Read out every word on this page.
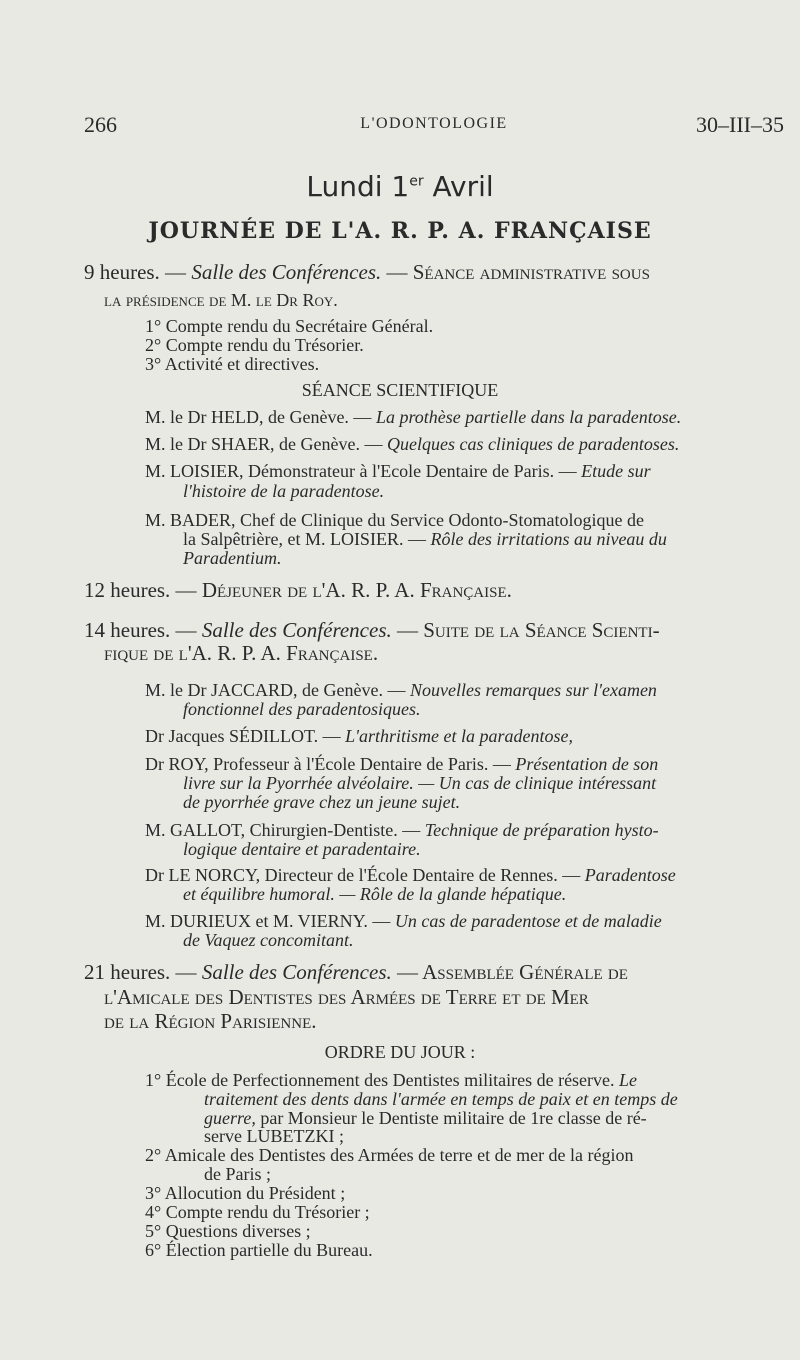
266	L'ODONTOLOGIE	30–III–35
Lundi 1er Avril
JOURNÉE DE L'A. R. P. A. FRANÇAISE
9 heures. — Salle des Conférences. — Séance administrative sous
la présidence de M. le Dr Roy.
1° Compte rendu du Secrétaire Général.
2° Compte rendu du Trésorier.
3° Activité et directives.
SÉANCE SCIENTIFIQUE
M. le Dr HELD, de Genève. — La prothèse partielle dans la paradentose.
M. le Dr SHAER, de Genève. — Quelques cas cliniques de paradentoses.
M. LOISIER, Démonstrateur à l'Ecole Dentaire de Paris. — Etude sur
l'histoire de la paradentose.
M. BADER, Chef de Clinique du Service Odonto-Stomatologique de
la Salpêtrière, et M. LOISIER. — Rôle des irritations au niveau du
Paradentium.
12 heures. — Déjeuner de l'A. R. P. A. Française.
14 heures. — Salle des Conférences. — Suite de la Séance Scienti-
fique de l'A. R. P. A. Française.
M. le Dr JACCARD, de Genève. — Nouvelles remarques sur l'examen
fonctionnel des paradentosiques.
Dr Jacques SÉDILLOT. — L'arthritisme et la paradentose,
Dr ROY, Professeur à l'École Dentaire de Paris. — Présentation de son
livre sur la Pyorrhée alvéolaire. — Un cas de clinique intéressant
de pyorrhée grave chez un jeune sujet.
M. GALLOT, Chirurgien-Dentiste. — Technique de préparation hysto-
logique dentaire et paradentaire.
Dr LE NORCY, Directeur de l'École Dentaire de Rennes. — Paradentose
et équilibre humoral. — Rôle de la glande hépatique.
M. DURIEUX et M. VIERNY. — Un cas de paradentose et de maladie
de Vaquez concomitant.
21 heures. — Salle des Conférences. — Assemblée Générale de
l'Amicale des Dentistes des Armées de Terre et de Mer
de la Région Parisienne.
ORDRE DU JOUR :
1° École de Perfectionnement des Dentistes militaires de réserve. Le
traitement des dents dans l'armée en temps de paix et en temps de
guerre, par Monsieur le Dentiste militaire de 1re classe de ré-
serve LUBETZKI ;
2° Amicale des Dentistes des Armées de terre et de mer de la région
de Paris ;
3° Allocution du Président ;
4° Compte rendu du Trésorier ;
5° Questions diverses ;
6° Élection partielle du Bureau.
